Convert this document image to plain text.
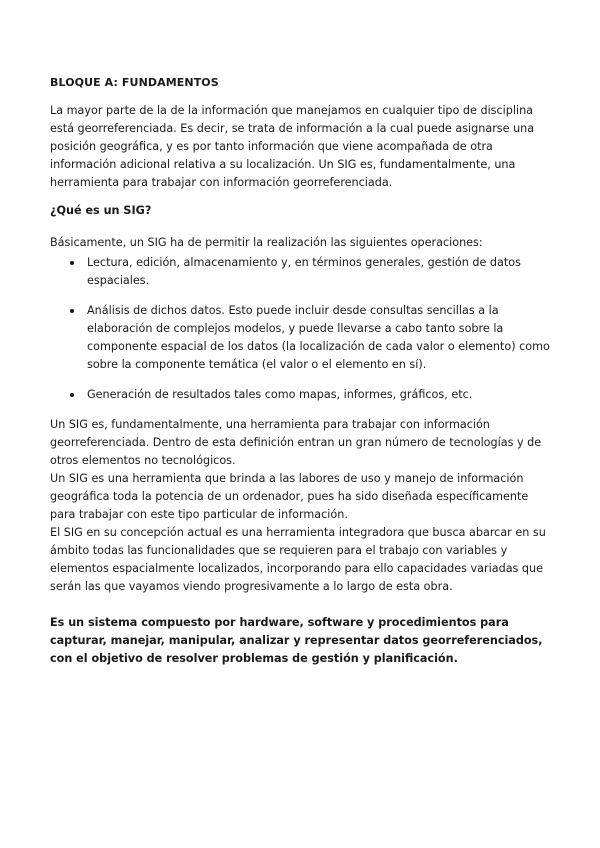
BLOQUE A: FUNDAMENTOS

La mayor parte de la de la información que manejamos en cualquier tipo de disciplina está georreferenciada. Es decir, se trata de información a la cual puede asignarse una posición geográfica, y es por tanto información que viene acompañada de otra información adicional relativa a su localización. Un SIG es, fundamentalmente, una herramienta para trabajar con información georreferenciada.

¿Qué es un SIG?

Básicamente, un SIG ha de permitir la realización las siguientes operaciones:

Lectura, edición, almacenamiento y, en términos generales, gestión de datos espaciales.
Análisis de dichos datos. Esto puede incluir desde consultas sencillas a la elaboración de complejos modelos, y puede llevarse a cabo tanto sobre la componente espacial de los datos (la localización de cada valor o elemento) como sobre la componente temática (el valor o el elemento en sí).
Generación de resultados tales como mapas, informes, gráficos, etc.

Un SIG es, fundamentalmente, una herramienta para trabajar con información georreferenciada. Dentro de esta definición entran un gran número de tecnologías y de otros elementos no tecnológicos.

Un SIG es una herramienta que brinda a las labores de uso y manejo de información geográfica toda la potencia de un ordenador, pues ha sido diseñada específicamente para trabajar con este tipo particular de información.

El SIG en su concepción actual es una herramienta integradora que busca abarcar en su ámbito todas las funcionalidades que se requieren para el trabajo con variables y elementos espacialmente localizados, incorporando para ello capacidades variadas que serán las que vayamos viendo progresivamente a lo largo de esta obra.

Es un sistema compuesto por hardware, software y procedimientos para capturar, manejar, manipular, analizar y representar datos georreferenciados, con el objetivo de resolver problemas de gestión y planificación.
